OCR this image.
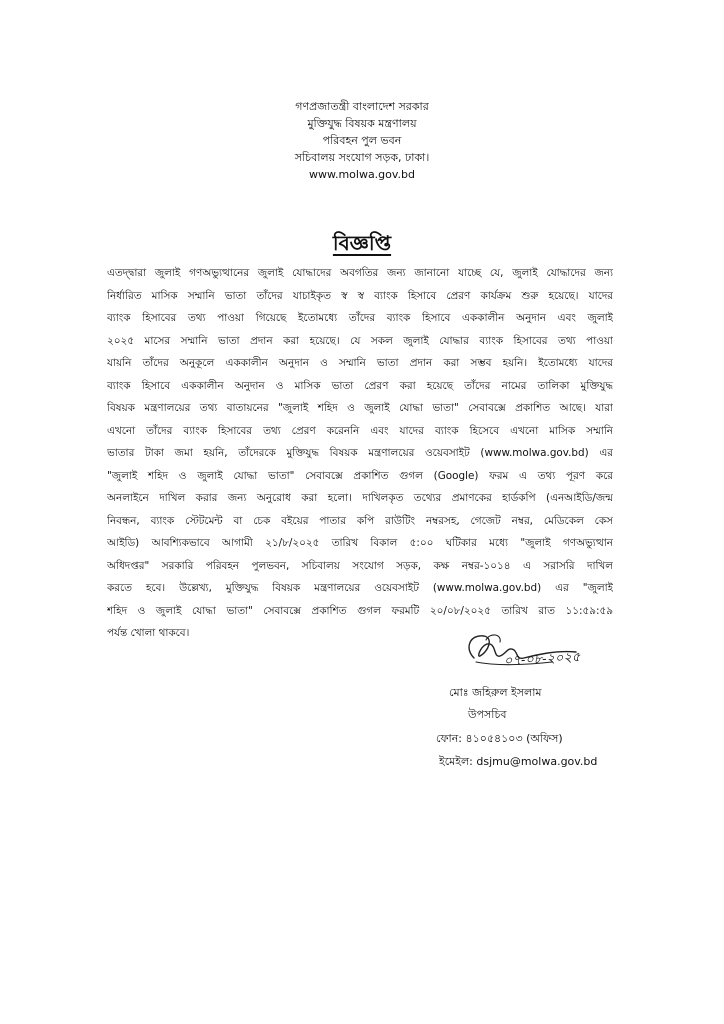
গণপ্রজাতন্ত্রী বাংলাদেশ সরকার
মুক্তিযুদ্ধ বিষয়ক মন্ত্রণালয়
পরিবহন পুল ভবন
সচিবালয় সংযোগ সড়ক, ঢাকা।
www.molwa.gov.bd
বিজ্ঞপ্তি
এতদ্দ্বারা জুলাই গণঅভ্যুত্থানের জুলাই যোদ্ধাদের অবগতির জন্য জানানো যাচ্ছে যে, জুলাই যোদ্ধাদের জন্য
নির্ধারিত মাসিক সম্মানি ভাতা তাঁদের যাচাইকৃত স্ব স্ব ব্যাংক হিসাবে প্রেরণ কার্যক্রম শুরু হয়েছে। যাদের
ব্যাংক হিসাবের তথ্য পাওয়া গিয়েছে ইতোমধ্যে তাঁদের ব্যাংক হিসাবে এককালীন অনুদান এবং জুলাই
২০২৫ মাসের সম্মানি ভাতা প্রদান করা হয়েছে। যে সকল জুলাই যোদ্ধার ব্যাংক হিসাবের তথ্য পাওয়া
যায়নি তাঁদের অনুকূলে এককালীন অনুদান ও সম্মানি ভাতা প্রদান করা সম্ভব হয়নি। ইতোমধ্যে যাদের
ব্যাংক হিসাবে এককালীন অনুদান ও মাসিক ভাতা প্রেরণ করা হয়েছে তাঁদের নামের তালিকা মুক্তিযুদ্ধ
বিষয়ক মন্ত্রণালয়ের তথ্য বাতায়নের "জুলাই শহিদ ও জুলাই যোদ্ধা ভাতা" সেবাবক্সে প্রকাশিত আছে। যারা
এখনো তাঁদের ব্যাংক হিসাবের তথ্য প্রেরণ করেননি এবং যাদের ব্যাংক হিসেবে এখনো মাসিক সম্মানি
ভাতার টাকা জমা হয়নি, তাঁদেরকে মুক্তিযুদ্ধ বিষয়ক মন্ত্রণালয়ের ওয়েবসাইট (www.molwa.gov.bd) এর
"জুলাই শহিদ ও জুলাই যোদ্ধা ভাতা" সেবাবক্সে প্রকাশিত গুগল (Google) ফরম এ তথ্য পূরণ করে
অনলাইনে দাখিল করার জন্য অনুরোধ করা হলো। দাখিলকৃত তথ্যের প্রমাণকের হার্ডকপি (এনআইডি/জন্ম
নিবন্ধন, ব্যাংক স্টেটমেন্ট বা চেক বইয়ের পাতার কপি রাউটিং নম্বরসহ, গেজেট নম্বর, মেডিকেল কেস
আইডি) আবশ্যিকভাবে আগামী ২১/৮/২০২৫ তারিখ বিকাল ৫:০০ ঘটিকার মধ্যে "জুলাই গণঅভ্যুত্থান
অধিদপ্তর" সরকারি পরিবহন পুলভবন, সচিবালয় সংযোগ সড়ক, কক্ষ নম্বর-১০১৪ এ সরাসরি দাখিল
করতে হবে। উল্লেখ্য, মুক্তিযুদ্ধ বিষয়ক মন্ত্রণালয়ের ওয়েবসাইট (www.molwa.gov.bd) এর "জুলাই
শহিদ ও জুলাই যোদ্ধা ভাতা" সেবাবক্সে প্রকাশিত গুগল ফরমটি ২০/০৮/২০২৫ তারিখ রাত ১১:৫৯:৫৯
পর্যন্ত খোলা থাকবে।
০৭-০৮-২০২৫
মোঃ জহিরুল ইসলাম
উপসচিব
ফোন: ৪১০৫৪১০৩ (অফিস)
ইমেইল: dsjmu@molwa.gov.bd
